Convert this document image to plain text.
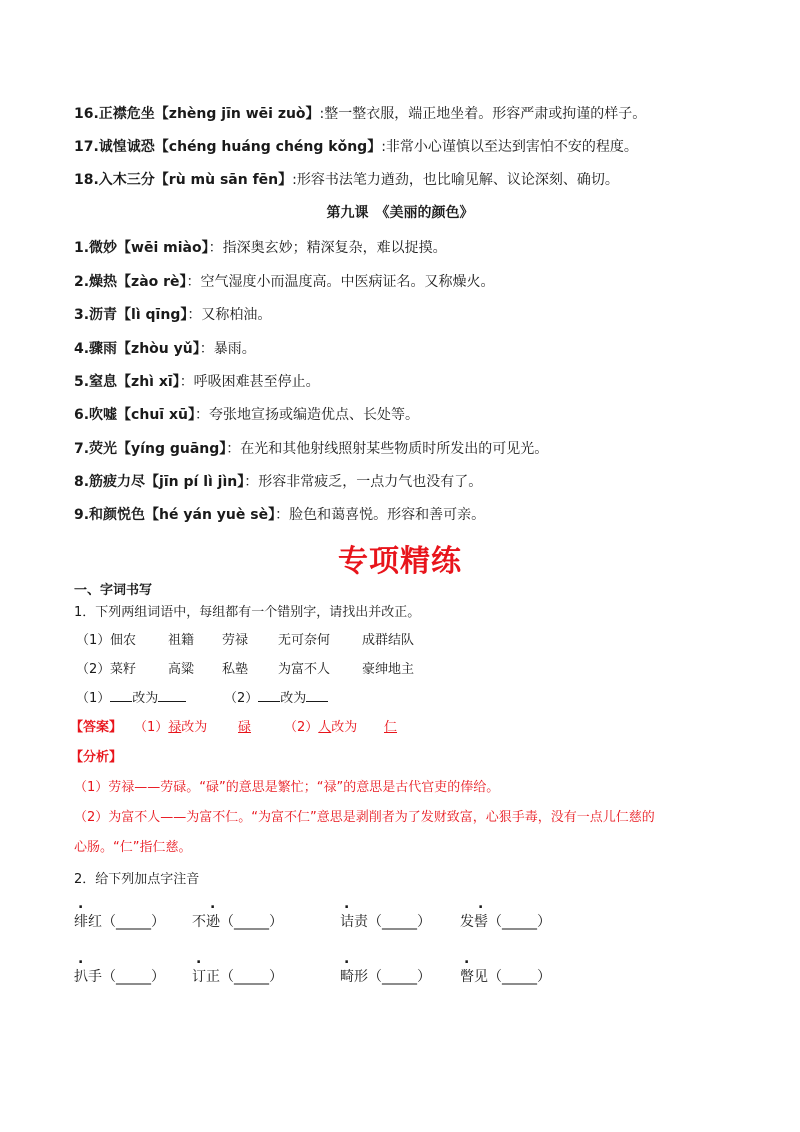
16.正襟危坐【zhèng jīn wēi zuò】:整一整衣服，端正地坐着。形容严肃或拘谨的样子。
17.诚惶诚恐【chéng huáng chéng kǒng】:非常小心谨慎以至达到害怕不安的程度。
18.入木三分【rù mù sān fēn】:形容书法笔力遒劲，也比喻见解、议论深刻、确切。
第九课　《美丽的颜色》
1.微妙【wēi miào】：指深奥玄妙；精深复杂，难以捉摸。
2.燥热【zào rè】：空气湿度小而温度高。中医病证名。又称燥火。
3.沥青【lì qīng】：又称柏油。
4.骤雨【zhòu yǔ】：暴雨。
5.窒息【zhì xī】：呼吸困难甚至停止。
6.吹嘘【chuī xū】：夸张地宣扬或编造优点、长处等。
7.荧光【yíng guāng】：在光和其他射线照射某些物质时所发出的可见光。
8.筋疲力尽【jīn pí lì jìn】：形容非常疲乏，一点力气也没有了。
9.和颜悦色【hé yán yuè sè】：脸色和蔼喜悦。形容和善可亲。
专项精练
一、字词书写
1．下列两组词语中，每组都有一个错别字，请找出并改正。
（1） 佃农 祖籍 劳禄 无可奈何 成群结队
（2） 菜籽 高粱 私塾 为富不人 豪绅地主
（1） 改为	（2） 改为
【答案】 （1）禄改为 碌	（2）人改为 仁
【分析】
（1）劳禄——劳碌。“碌”的意思是繁忙；“禄”的意思是古代官吏的俸给。
（2）为富不人——为富不仁。“为富不仁”意思是剥削者为了发财致富，心狠手毒，没有一点儿仁慈的
心肠。“仁”指仁慈。
2．给下列加点字注音
绯红（_____） 不逊（_____）	诘责（_____） 发髻（_____）
扒手（_____） 订正（_____）	畸形（_____） 瞥见（_____）
